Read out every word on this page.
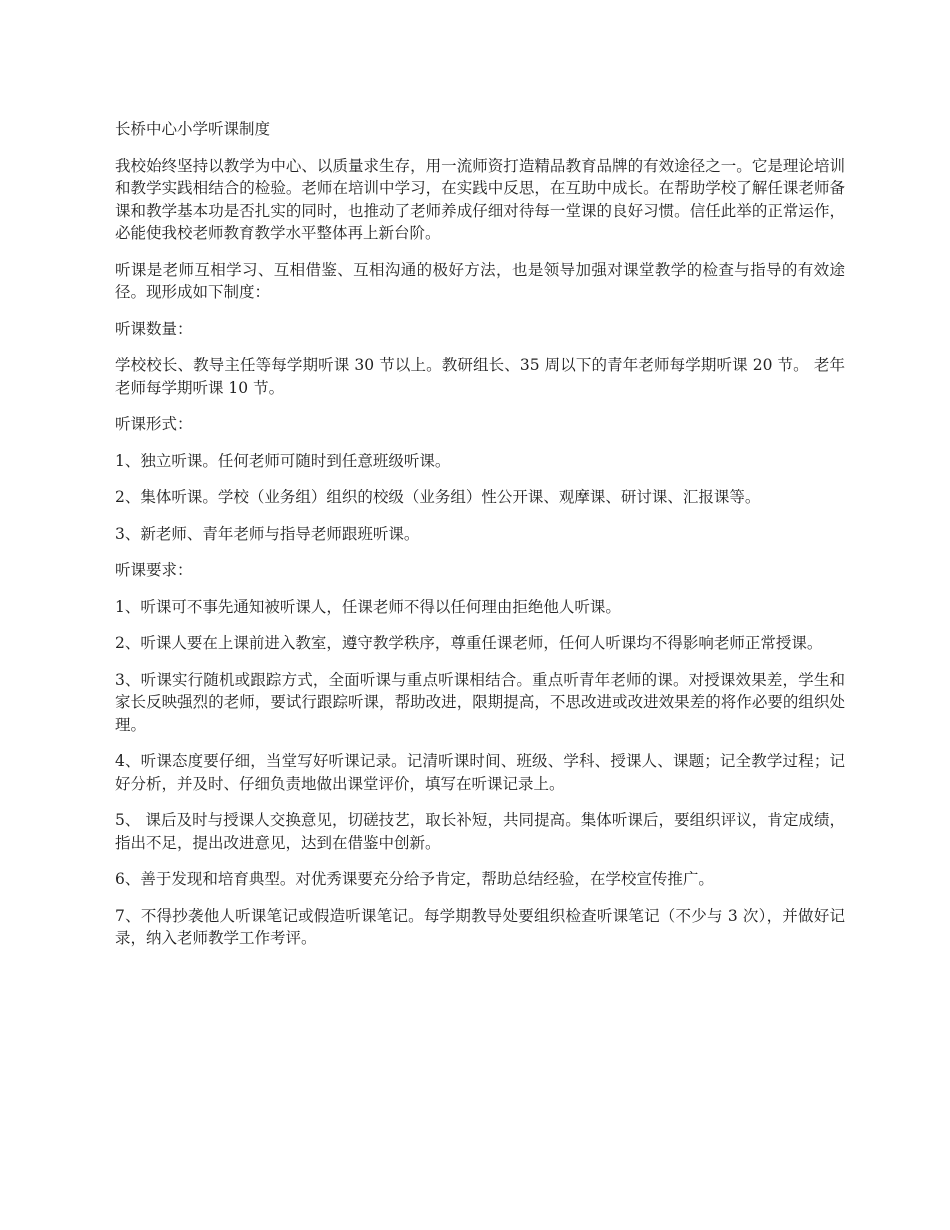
长桥中心小学听课制度
我校始终坚持以教学为中心、以质量求生存，用一流师资打造精品教育品牌的有效途径之一。它是理论培训和教学实践相结合的检验。老师在培训中学习，在实践中反思，在互助中成长。在帮助学校了解任课老师备课和教学基本功是否扎实的同时，也推动了老师养成仔细对待每一堂课的良好习惯。信任此举的正常运作，必能使我校老师教育教学水平整体再上新台阶。
听课是老师互相学习、互相借鉴、互相沟通的极好方法，也是领导加强对课堂教学的检查与指导的有效途径。现形成如下制度：
听课数量：
学校校长、教导主任等每学期听课 30 节以上。教研组长、35 周以下的青年老师每学期听课 20 节。 老年老师每学期听课 10 节。
听课形式：
1、独立听课。任何老师可随时到任意班级听课。
2、集体听课。学校（业务组）组织的校级（业务组）性公开课、观摩课、研讨课、汇报课等。
3、新老师、青年老师与指导老师跟班听课。
听课要求：
1、听课可不事先通知被听课人，任课老师不得以任何理由拒绝他人听课。
2、听课人要在上课前进入教室，遵守教学秩序，尊重任课老师，任何人听课均不得影响老师正常授课。
3、听课实行随机或跟踪方式，全面听课与重点听课相结合。重点听青年老师的课。对授课效果差，学生和家长反映强烈的老师，要试行跟踪听课，帮助改进，限期提高，不思改进或改进效果差的将作必要的组织处理。
4、听课态度要仔细，当堂写好听课记录。记清听课时间、班级、学科、授课人、课题；记全教学过程；记好分析，并及时、仔细负责地做出课堂评价，填写在听课记录上。
5、 课后及时与授课人交换意见，切磋技艺，取长补短，共同提高。集体听课后，要组织评议，肯定成绩，指出不足，提出改进意见，达到在借鉴中创新。
6、善于发现和培育典型。对优秀课要充分给予肯定，帮助总结经验，在学校宣传推广。
7、不得抄袭他人听课笔记或假造听课笔记。每学期教导处要组织检查听课笔记（不少与 3 次），并做好记录，纳入老师教学工作考评。
